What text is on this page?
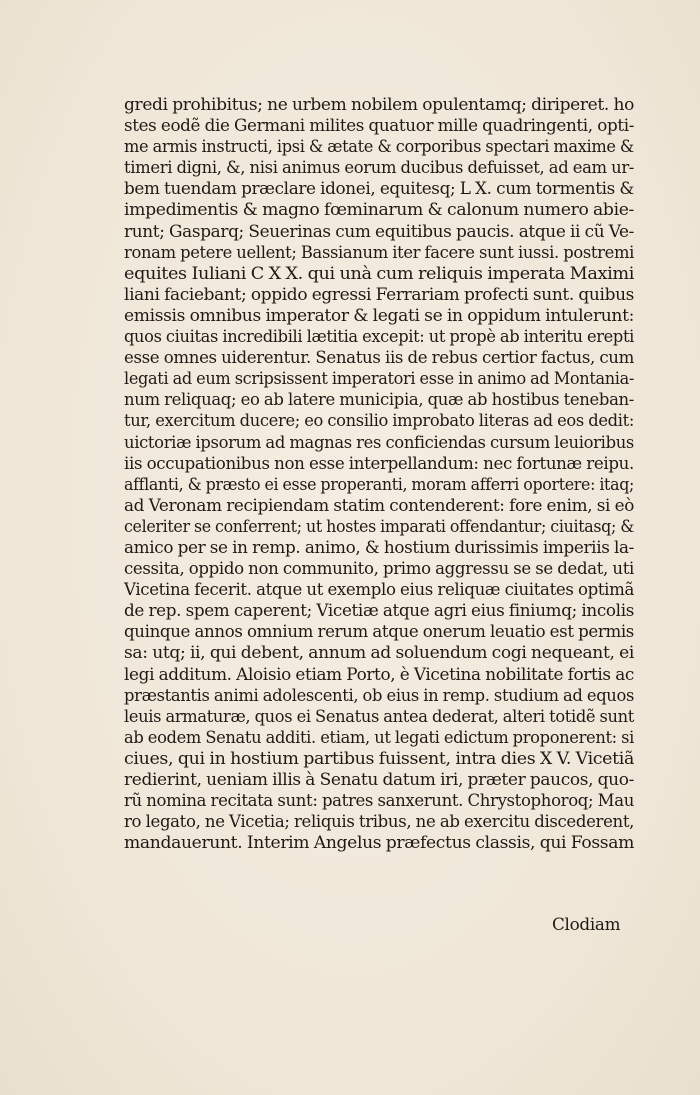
gredi prohibitus; ne urbem nobilem opulentamq; diriperet. ho
stes eodẽ die Germani milites quatuor mille quadringenti, opti-
me armis instructi, ipsi & ætate & corporibus spectari maxime &
timeri digni, &, nisi animus eorum ducibus defuisset, ad eam ur-
bem tuendam præclare idonei, equitesq; L X. cum tormentis &
impedimentis & magno fœminarum & calonum numero abie-
runt; Gasparq; Seuerinas cum equitibus paucis. atque ii cũ Ve-
ronam petere uellent; Bassianum iter facere sunt iussi. postremi
equites Iuliani C X X. qui unà cum reliquis imperata Maximi
liani faciebant; oppido egressi Ferrariam profecti sunt. quibus
emissis omnibus imperator & legati se in oppidum intulerunt:
quos ciuitas incredibili lætitia excepit: ut propè ab interitu erepti
esse omnes uiderentur. Senatus iis de rebus certior factus, cum
legati ad eum scripsissent imperatori esse in animo ad Montania-
num reliquaq; eo ab latere municipia, quæ ab hostibus teneban-
tur, exercitum ducere; eo consilio improbato literas ad eos dedit:
uictoriæ ipsorum ad magnas res conficiendas cursum leuioribus
iis occupationibus non esse interpellandum: nec fortunæ reipu.
afflanti, & præsto ei esse properanti, moram afferri oportere: itaq;
ad Veronam recipiendam statim contenderent: fore enim, si eò
celeriter se conferrent; ut hostes imparati offendantur; ciuitasq; &
amico per se in remp. animo, & hostium durissimis imperiis la-
cessita, oppido non communito, primo aggressu se se dedat, uti
Vicetina fecerit. atque ut exemplo eius reliquæ ciuitates optimã
de rep. spem caperent; Vicetiæ atque agri eius finiumq; incolis
quinque annos omnium rerum atque onerum leuatio est permis
sa: utq; ii, qui debent, annum ad soluendum cogi nequeant, ei
legi additum. Aloisio etiam Porto, è Vicetina nobilitate fortis ac
præstantis animi adolescenti, ob eius in remp. studium ad equos
leuis armaturæ, quos ei Senatus antea dederat, alteri totidẽ sunt
ab eodem Senatu additi. etiam, ut legati edictum proponerent: si
ciues, qui in hostium partibus fuissent, intra dies X V. Vicetiã
redierint, ueniam illis à Senatu datum iri, præter paucos, quo-
rũ nomina recitata sunt: patres sanxerunt. Chrystophoroq; Mau
ro legato, ne Vicetia; reliquis tribus, ne ab exercitu discederent,
mandauerunt. Interim Angelus præfectus classis, qui Fossam
Clodiam
